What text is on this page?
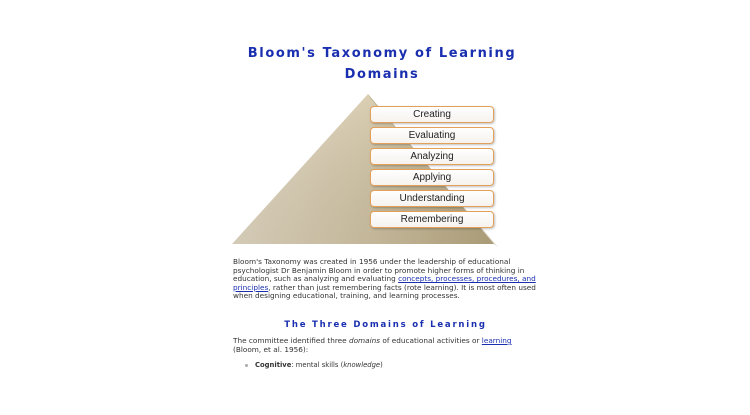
Bloom's Taxonomy of Learning
Domains
Creating
Evaluating
Analyzing
Applying
Understanding
Remembering

Bloom's Taxonomy was created in 1956 under the leadership of educational psychologist Dr Benjamin Bloom in order to promote higher forms of thinking in education, such as analyzing and evaluating concepts, processes, procedures, and principles, rather than just remembering facts (rote learning). It is most often used when designing educational, training, and learning processes.

The Three Domains of Learning

The committee identified three domains of educational activities or learning (Bloom, et al. 1956):

Cognitive: mental skills (knowledge)
